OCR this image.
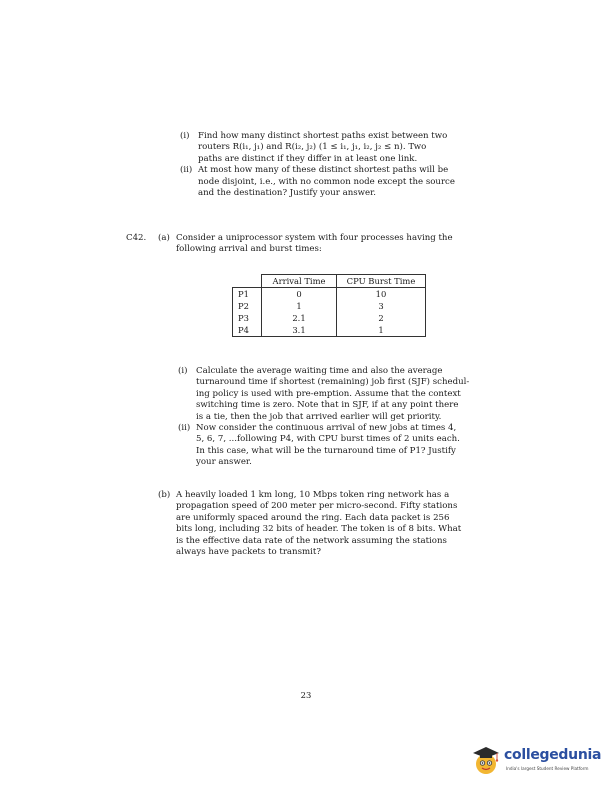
(i) Find how many distinct shortest paths exist between two
routers R(i₁, j₁) and R(i₂, j₂) (1 ≤ i₁, j₁, i₂, j₂ ≤ n). Two
paths are distinct if they differ in at least one link.
(ii) At most how many of these distinct shortest paths will be
node disjoint, i.e., with no common node except the source
and the destination? Justify your answer.
C42. (a) Consider a uniprocessor system with four processes having the
following arrival and burst times:
	Arrival Time	CPU Burst Time
P1	0	10
P2	1	3
P3	2.1	2
P4	3.1	1
(i) Calculate the average waiting time and also the average
turnaround time if shortest (remaining) job first (SJF) schedul-
ing policy is used with pre-emption. Assume that the context
switching time is zero. Note that in SJF, if at any point there
is a tie, then the job that arrived earlier will get priority.
(ii) Now consider the continuous arrival of new jobs at times 4,
5, 6, 7, ...following P4, with CPU burst times of 2 units each.
In this case, what will be the turnaround time of P1? Justify
your answer.
(b) A heavily loaded 1 km long, 10 Mbps token ring network has a
propagation speed of 200 meter per micro-second. Fifty stations
are uniformly spaced around the ring. Each data packet is 256
bits long, including 32 bits of header. The token is of 8 bits. What
is the effective data rate of the network assuming the stations
always have packets to transmit?
23
collegedunia
India's largest Student Review Platform
